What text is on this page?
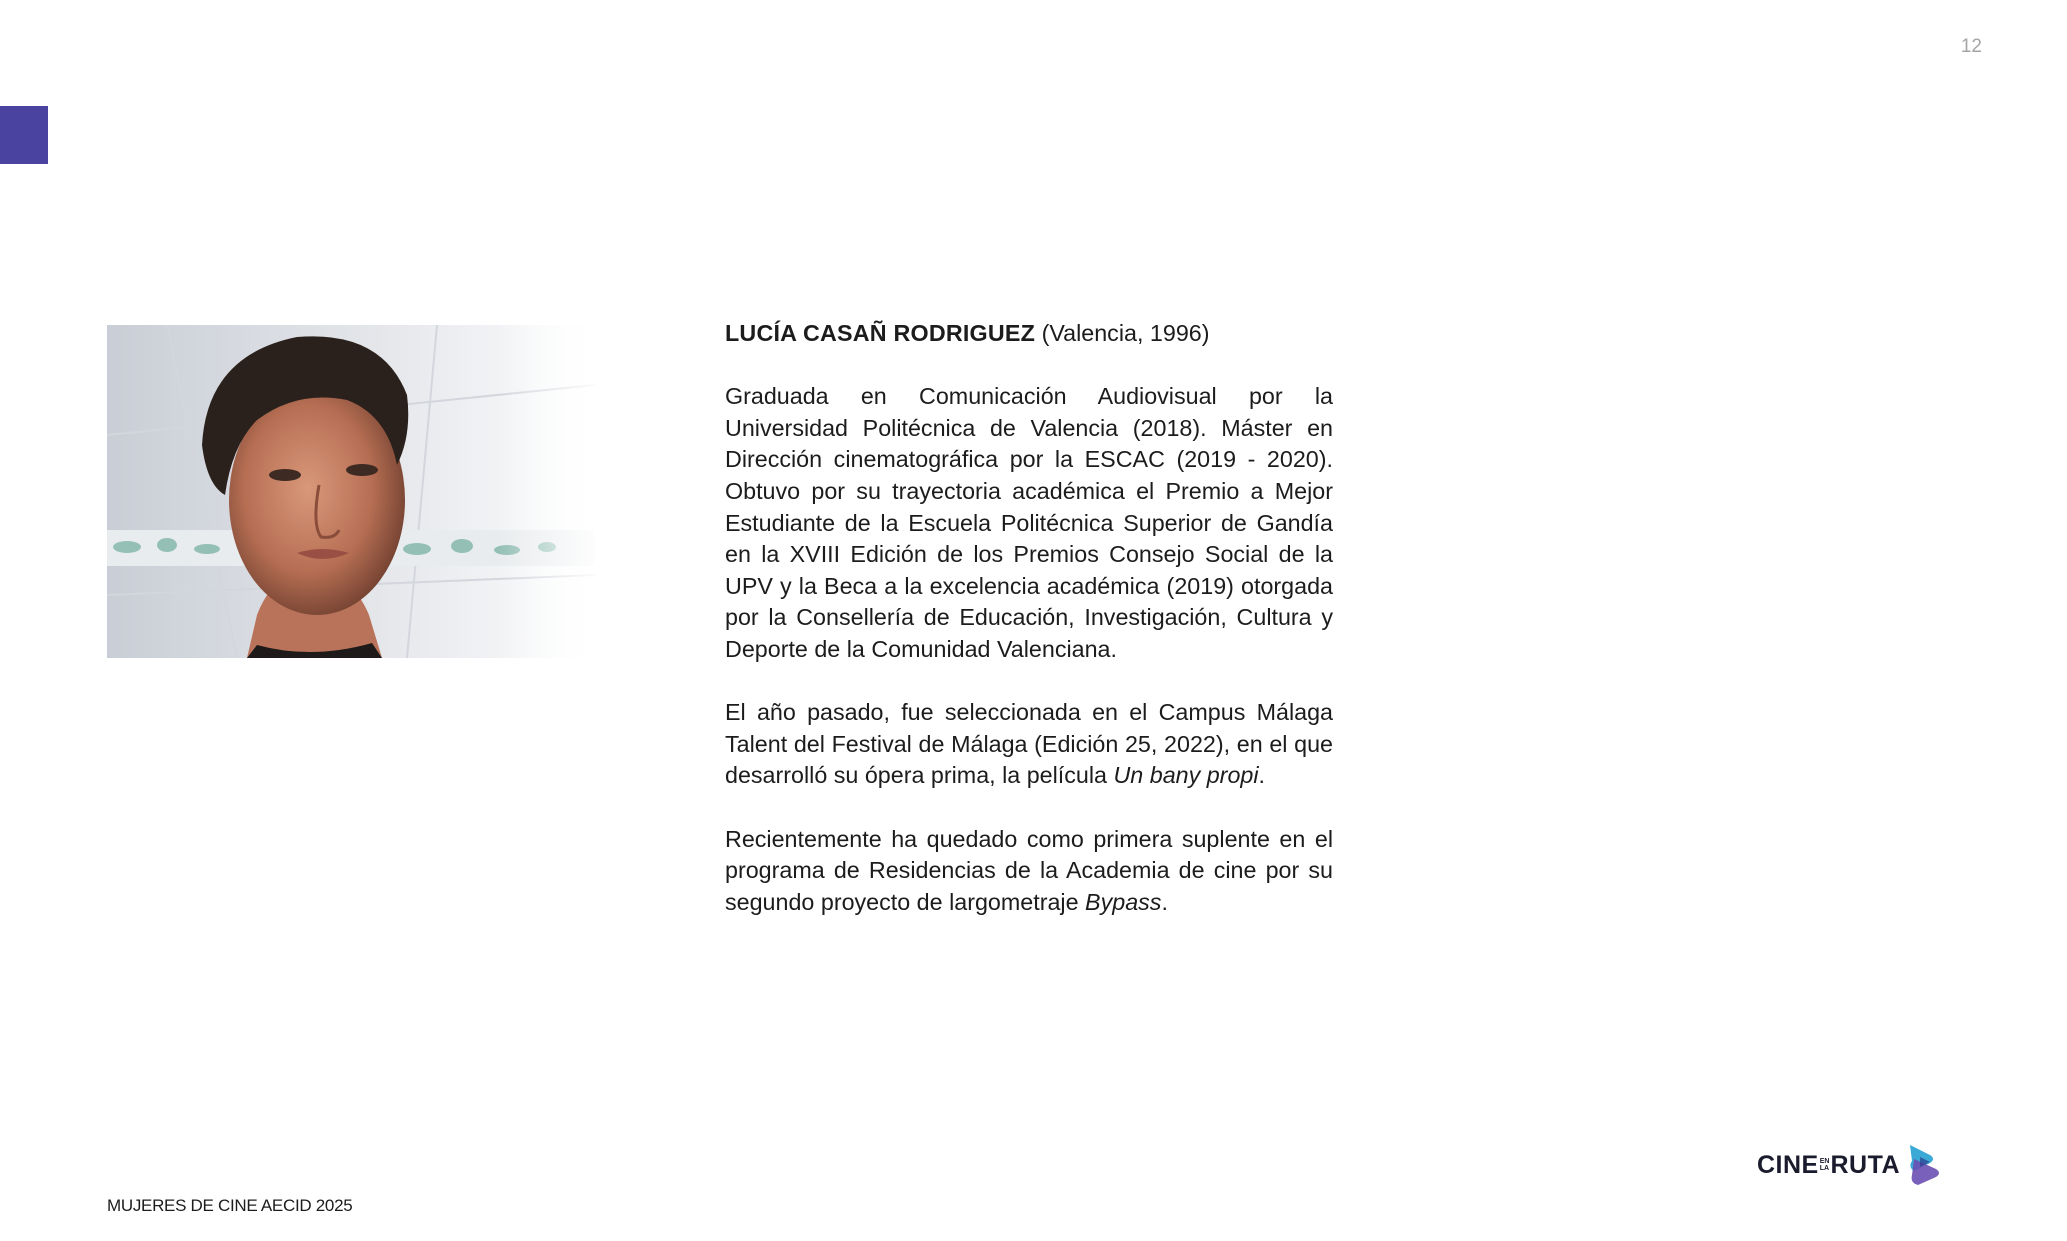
12

LUCÍA CASAÑ RODRIGUEZ (Valencia, 1996)

Graduada en Comunicación Audiovisual por la Universidad Politécnica de Valencia (2018). Máster en Dirección cinematográfica por la ESCAC (2019 - 2020). Obtuvo por su trayectoria académica el Premio a Mejor Estudiante de la Escuela Politécnica Superior de Gandía en la XVIII Edición de los Premios Consejo Social de la UPV y la Beca a la excelencia académica (2019) otorgada por la Consellería de Educación, Investigación, Cultura y Deporte de la Comunidad Valenciana.

El año pasado, fue seleccionada en el Campus Málaga Talent del Festival de Málaga (Edición 25, 2022), en el que desarrolló su ópera prima, la película Un bany propi.

Recientemente ha quedado como primera suplente en el programa de Residencias de la Academia de cine por su segundo proyecto de largometraje Bypass.

MUJERES DE CINE AECID 2025
CINE EN
LA RUTA
